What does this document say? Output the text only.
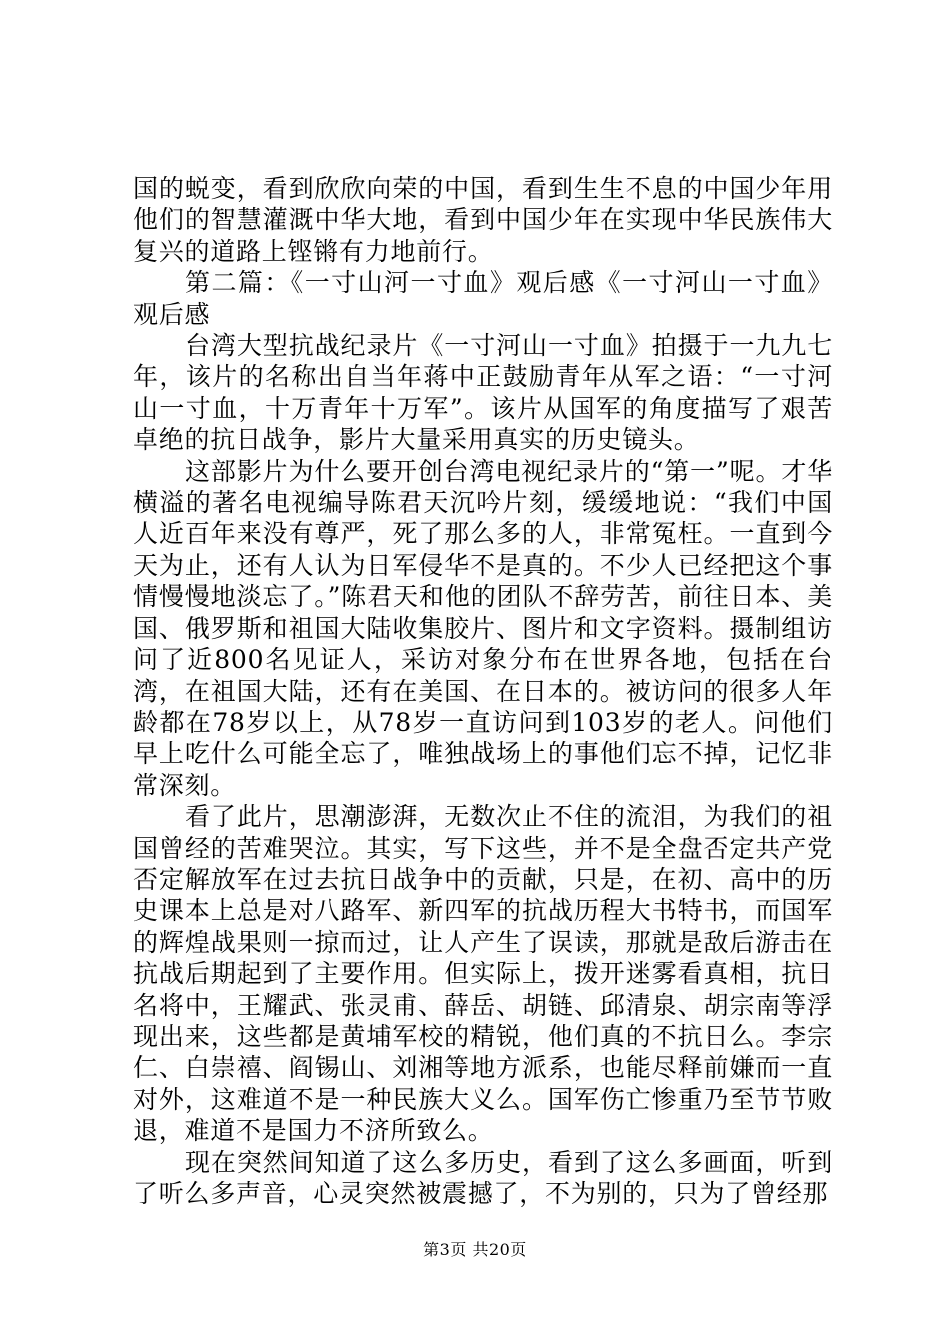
国的蜕变，看到欣欣向荣的中国，看到生生不息的中国少年用他们的智慧灌溉中华大地，看到中国少年在实现中华民族伟大复兴的道路上铿锵有力地前行。

第二篇：《一寸山河一寸血》观后感《一寸河山一寸血》观后感

台湾大型抗战纪录片《一寸河山一寸血》拍摄于一九九七年，该片的名称出自当年蒋中正鼓励青年从军之语：“一寸河山一寸血，十万青年十万军”。该片从国军的角度描写了艰苦卓绝的抗日战争，影片大量采用真实的历史镜头。

这部影片为什么要开创台湾电视纪录片的“第一”呢。才华横溢的著名电视编导陈君天沉吟片刻，缓缓地说：“我们中国人近百年来没有尊严，死了那么多的人，非常冤枉。一直到今天为止，还有人认为日军侵华不是真的。不少人已经把这个事情慢慢地淡忘了。”陈君天和他的团队不辞劳苦，前往日本、美国、俄罗斯和祖国大陆收集胶片、图片和文字资料。摄制组访问了近800名见证人，采访对象分布在世界各地，包括在台湾，在祖国大陆，还有在美国、在日本的。被访问的很多人年龄都在78岁以上，从78岁一直访问到103岁的老人。问他们早上吃什么可能全忘了，唯独战场上的事他们忘不掉，记忆非常深刻。

看了此片，思潮澎湃，无数次止不住的流泪，为我们的祖国曾经的苦难哭泣。其实，写下这些，并不是全盘否定共产党否定解放军在过去抗日战争中的贡献，只是，在初、高中的历史课本上总是对八路军、新四军的抗战历程大书特书，而国军的辉煌战果则一掠而过，让人产生了误读，那就是敌后游击在抗战后期起到了主要作用。但实际上，拨开迷雾看真相，抗日名将中，王耀武、张灵甫、薛岳、胡链、邱清泉、胡宗南等浮现出来，这些都是黄埔军校的精锐，他们真的不抗日么。李宗仁、白崇禧、阎锡山、刘湘等地方派系，也能尽释前嫌而一直对外，这难道不是一种民族大义么。国军伤亡惨重乃至节节败退，难道不是国力不济所致么。

现在突然间知道了这么多历史，看到了这么多画面，听到了听么多声音，心灵突然被震撼了，不为别的，只为了曾经那

第3页 共20页
